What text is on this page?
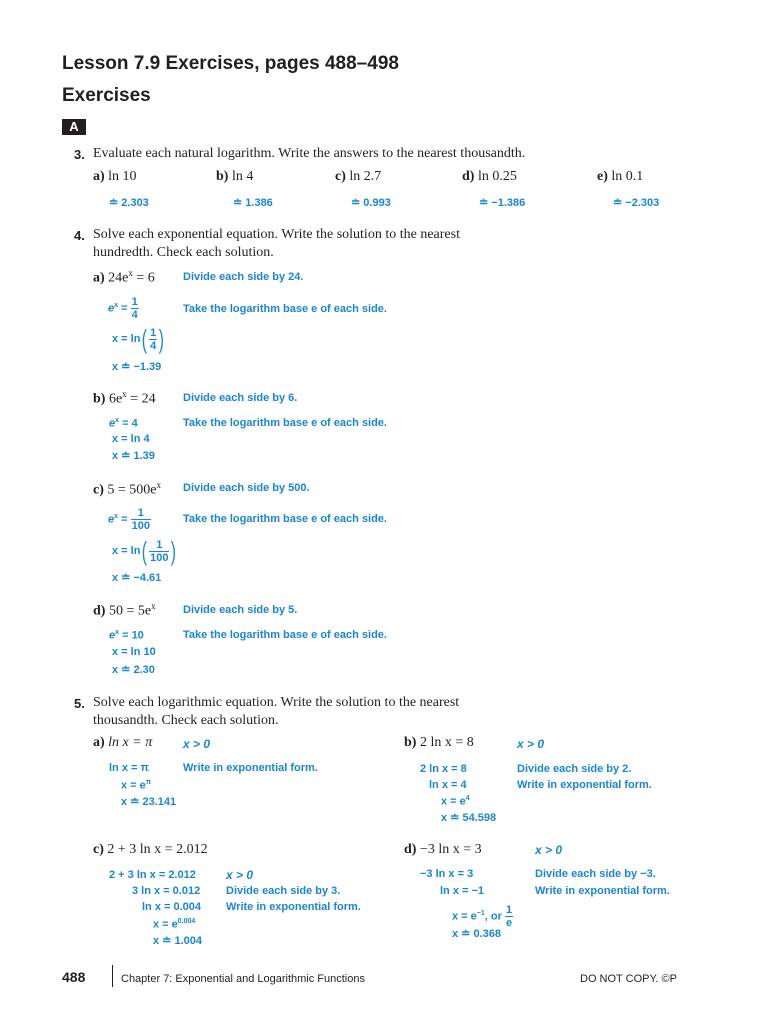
Lesson 7.9 Exercises, pages 488–498
Exercises
A
3. Evaluate each natural logarithm. Write the answers to the nearest thousandth.
a) ln 10	b) ln 4	c) ln 2.7	d) ln 0.25	e) ln 0.1
≐ 2.303	≐ 1.386	≐ 0.993	≐ −1.386	≐ −2.303
4. Solve each exponential equation. Write the solution to the nearest
hundredth. Check each solution.
a) $24e^x = 6$	Divide each side by 24.
$e^x = \frac{1}{4}$	Take the logarithm base e of each side.
$x = \ln( \frac{1}{4}$ )
x ≐ −1.39
b) $6e^x = 24$ Divide each side by 6.
$e^x = 4$	Take the logarithm base e of each side.
x = ln 4
x ≐ 1.39
c) $5 = 500e^x$ Divide each side by 500.
$e^x = \frac{1}{100}$	Take the logarithm base e of each side.
$x = \ln( \frac{1}{100}$ )
x ≐ −4.61
d) $50 = 5e^x$ Divide each side by 5.
$e^x = 10$	Take the logarithm base e of each side.
x = ln 10
x ≐ 2.30
5. Solve each logarithmic equation. Write the solution to the nearest
thousandth. Check each solution.
a) ln x = π	x > 0
ln x = π	Write in exponential form.
$x = e^\pi$
x ≐ 23.141
b) 2 ln x = 8	x > 0
2 ln x = 8	Divide each side by 2.
ln x = 4	Write in exponential form.
$x = e^4$
x ≐ 54.598
c) 2 + 3 ln x = 2.012
2 + 3 ln x = 2.012	x > 0
3 ln x = 0.012 Divide each side by 3.
ln x = 0.004 Write in exponential form.
$x = e^{0.004}$
x ≐ 1.004
d) −3 ln x = 3	x > 0
−3 ln x = 3	Divide each side by −3.
ln x = −1	Write in exponential form.
$x = e^{-1}$, or $\frac{1}{e}$
x ≐ 0.368
488	Chapter 7: Exponential and Logarithmic Functions	DO NOT COPY. ©P
